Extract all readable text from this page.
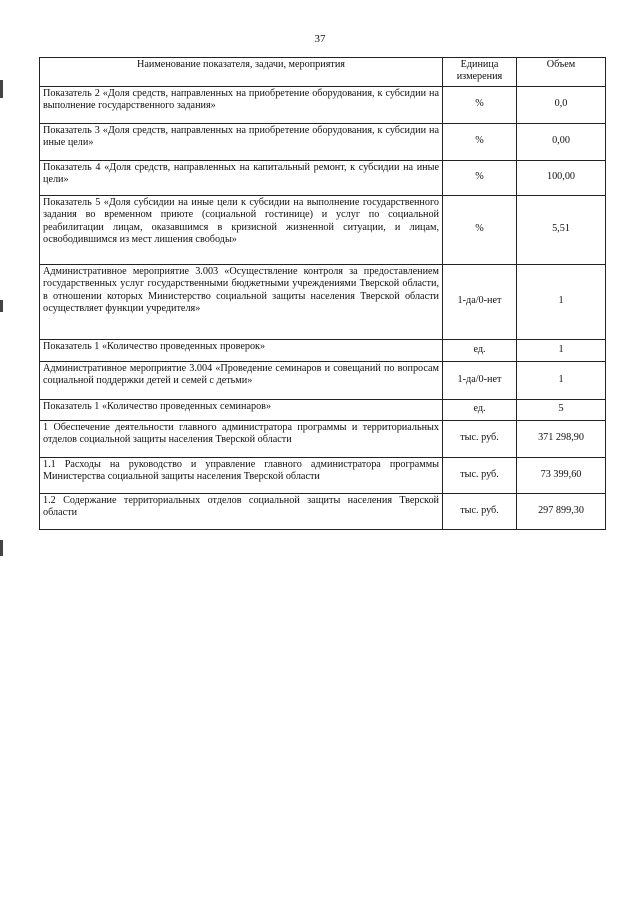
37
Наименование показателя, задачи, мероприятия	Единица измерения	Объем
Показатель 2 «Доля средств, направленных на приобретение оборудования, к субсидии на выполнение государственного задания»	%	0,0
Показатель 3 «Доля средств, направленных на приобретение оборудования, к субсидии на иные цели»	%	0,00
Показатель 4 «Доля средств, направленных на капитальный ремонт, к субсидии на иные цели»	%	100,00
Показатель 5 «Доля субсидии на иные цели к субсидии на выполнение государственного задания во временном приюте (социальной гостинице) и услуг по социальной реабилитации лицам, оказавшимся в кризисной жизненной ситуации, и лицам, освободившимся из мест лишения свободы»	%	5,51
Административное мероприятие 3.003 «Осуществление контроля за предоставлением государственных услуг государственными бюджетными учреждениями Тверской области, в отношении которых Министерство социальной защиты населения Тверской области осуществляет функции учредителя»	1-да/0-нет	1
Показатель 1 «Количество проведенных проверок»	ед.	1
Административное мероприятие 3.004 «Проведение семинаров и совещаний по вопросам социальной поддержки детей и семей с детьми»	1-да/0-нет	1
Показатель 1 «Количество проведенных семинаров»	ед.	5
1 Обеспечение деятельности главного администратора программы и территориальных отделов социальной защиты населения Тверской области	тыс. руб.	371 298,90
1.1 Расходы на руководство и управление главного администратора программы Министерства социальной защиты населения Тверской области	тыс. руб.	73 399,60
1.2 Содержание территориальных отделов социальной защиты населения Тверской области	тыс. руб.	297 899,30
